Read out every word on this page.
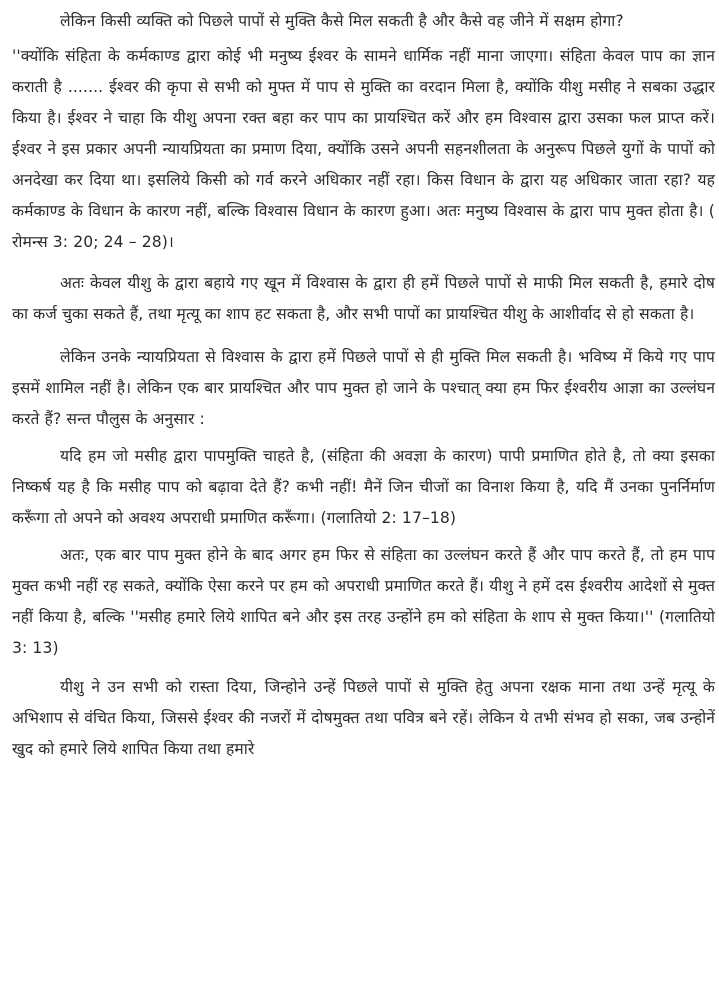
लेकिन किसी व्यक्ति को पिछले पापों से मुक्ति कैसे मिल सकती है और कैसे वह जीने में सक्षम होगा?

''क्योंकि संहिता के कर्मकाण्ड द्वारा कोई भी मनुष्य ईश्वर के सामने धार्मिक नहीं माना जाएगा। संहिता केवल पाप का ज्ञान कराती है ....... ईश्वर की कृपा से सभी को मुफ्त में पाप से मुक्ति का वरदान मिला है, क्योंकि यीशु मसीह ने सबका उद्धार किया है। ईश्वर ने चाहा कि यीशु अपना रक्त बहा कर पाप का प्रायश्चित करें और हम विश्वास द्वारा उसका फल प्राप्त करें। ईश्वर ने इस प्रकार अपनी न्यायप्रियता का प्रमाण दिया, क्योंकि उसने अपनी सहनशीलता के अनुरूप पिछले युगों के पापों को अनदेखा कर दिया था। इसलिये किसी को गर्व करने अधिकार नहीं रहा। किस विधान के द्वारा यह अधिकार जाता रहा? यह कर्मकाण्ड के विधान के कारण नहीं, बल्कि विश्वास विधान के कारण हुआ। अतः मनुष्य विश्वास के द्वारा पाप मुक्त होता है। ( रोमन्स 3: 20; 24 – 28)।

अतः केवल यीशु के द्वारा बहाये गए खून में विश्वास के द्वारा ही हमें पिछले पापों से माफी मिल सकती है, हमारे दोष का कर्ज चुका सकते हैं, तथा मृत्यू का शाप हट सकता है, और सभी पापों का प्रायश्चित यीशु के आशीर्वाद से हो सकता है।

लेकिन उनके न्यायप्रियता से विश्वास के द्वारा हमें पिछले पापों से ही मुक्ति मिल सकती है। भविष्य में किये गए पाप इसमें शामिल नहीं है। लेकिन एक बार प्रायश्चित और पाप मुक्त हो जाने के पश्चात् क्या हम फिर ईश्वरीय आज्ञा का उल्लंघन करते हैं? सन्त पौलुस के अनुसार :

यदि हम जो मसीह द्वारा पापमुक्ति चाहते है, (संहिता की अवज्ञा के कारण) पापी प्रमाणित होते है, तो क्या इसका निष्कर्ष यह है कि मसीह पाप को बढ़ावा देते हैं? कभी नहीं! मैनें जिन चीजों का विनाश किया है, यदि मैं उनका पुनर्निर्माण करूँगा तो अपने को अवश्य अपराधी प्रमाणित करूँगा। (गलातियो 2: 17–18)

अतः, एक बार पाप मुक्त होने के बाद अगर हम फिर से संहिता का उल्लंघन करते हैं और पाप करते हैं, तो हम पाप मुक्त कभी नहीं रह सकते, क्योंकि ऐसा करने पर हम को अपराधी प्रमाणित करते हैं। यीशु ने हमें दस ईश्वरीय आदेशों से मुक्त नहीं किया है, बल्कि ''मसीह हमारे लिये शापित बने और इस तरह उन्होंने हम को संहिता के शाप से मुक्त किया।'' (गलातियो 3: 13)

यीशु ने उन सभी को रास्ता दिया, जिन्होने उन्हें पिछले पापों से मुक्ति हेतु अपना रक्षक माना तथा उन्हें मृत्यू के अभिशाप से वंचित किया, जिससे ईश्वर की नजरों में दोषमुक्त तथा पवित्र बने रहें। लेकिन ये तभी संभव हो सका, जब उन्होनें खुद को हमारे लिये शापित किया तथा हमारे
